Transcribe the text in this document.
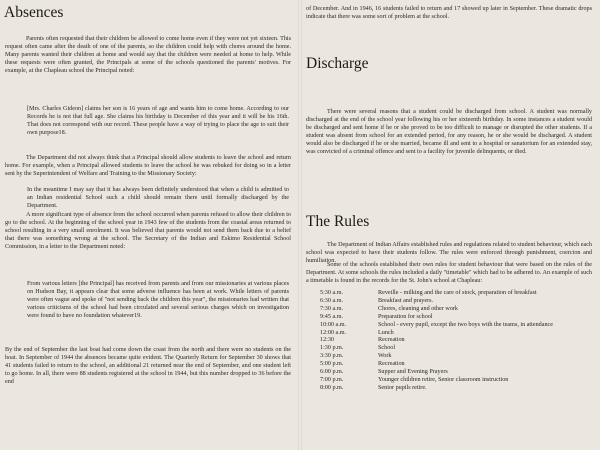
Absences

Parents often requested that their children be allowed to come home even if they were not yet sixteen. This request often came after the death of one of the parents, so the children could help with chores around the home. Many parents wanted their children at home and would say that the children were needed at home to help. While these requests were often granted, the Principals at some of the schools questioned the parents' motives. For example, at the Chapleau school the Principal noted:

[Mrs. Charles Gideon] claims her son is 16 years of age and wants him to come home. According to our Records he is not that full age. She claims his birthday is December of this year and it will be his 16th. That does not correspond with our record. These people have a way of trying to place the age to suit their own purpose18.

The Department did not always think that a Principal should allow students to leave the school and return home. For example, when a Principal allowed students to leave the school he was rebuked for doing so in a letter sent by the Superintendent of Welfare and Training to the Missionary Society:

In the meantime I may say that it has always been definitely understood that when a child is admitted to an Indian residential School such a child should remain there until formally discharged by the Department.

A more significant type of absence from the school occurred when parents refused to allow their children to go to the school. At the beginning of the school year in 1943 few of the students from the coastal areas returned to school resulting in a very small enrolment. It was believed that parents would not send them back due to a belief that there was something wrong at the school. The Secretary of the Indian and Eskimo Residential School Commission, in a letter to the Department noted:

From various letters [the Principal] has received from parents and from our missionaries at various places on Hudson Bay, it appears clear that some adverse influence has been at work. While letters of parents were often vague and spoke of "not sending back the children this year", the missionaries had written that various criticisms of the school had been circulated and several serious charges which on investigation were found to have no foundation whatever19.

By the end of September the last boat had come down the coast from the north and there were no students on the boat. In September of 1944 the absences became quite evident. The Quarterly Return for September 30 shows that 41 students failed to return to the school, an additional 21 returned near the end of September, and one student left to go home. In all, there were 88 students registered at the school in 1944, but this number dropped to 36 before the end

of December. And in 1946, 16 students failed to return and 17 showed up later in September. These dramatic drops indicate that there was some sort of problem at the school.

Discharge

There were several reasons that a student could be discharged from school. A student was normally discharged at the end of the school year following his or her sixteenth birthday. In some instances a student would be discharged and sent home if he or she proved to be too difficult to manage or disrupted the other students. If a student was absent from school for an extended period, for any reason, he or she would be discharged. A student would also be discharged if he or she married, became ill and sent to a hospital or sanatorium for an extended stay, was convicted of a criminal offence and sent to a facility for juvenile delinquents, or died.

The Rules

The Department of Indian Affairs established rules and regulations related to student behaviour, which each school was expected to have their students follow. The rules were enforced through punishment, coercion and humiliation.

Some of the schools established their own rules for student behaviour that were based on the rules of the Department. At some schools the rules included a daily "timetable" which had to be adhered to. An example of such a timetable is found in the records for the St. John's school at Chapleau:

5:30 a.m.	Reveille - milking and the care of stock, preparation of breakfast
6:30 a.m.	Breakfast and prayers.
7:30 a.m.	Chores, cleaning and other work
9:45 a.m.	Preparation for school
10:00 a.m.	School - every pupil, except the two boys with the teams, in attendance
12:00 a.m.	Lunch
12:30	Recreation
1:30 p.m.	School
3:30 p.m.	Work
5:00 p.m.	Recreation
6:00 p.m.	Supper and Evening Prayers
7:00 p.m.	Younger children retire, Senior classroom instruction
8:00 p.m.	Senior pupils retire.
